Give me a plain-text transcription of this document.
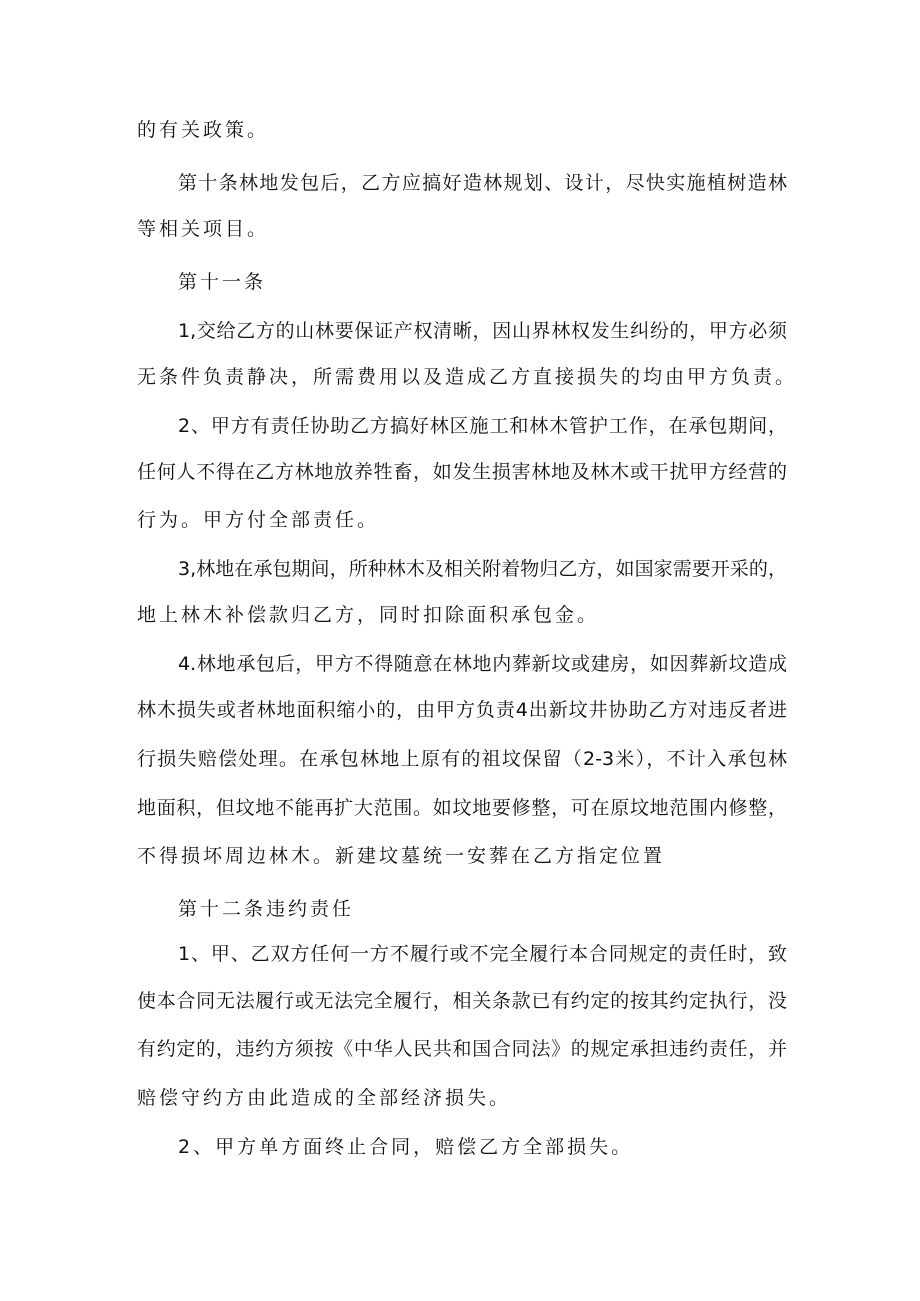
的有关政策。
第十条林地发包后，乙方应搞好造林规划、设计，尽快实施植树造林
等相关项目。
第十一条
1,交给乙方的山林要保证产权清晰，因山界林权发生纠纷的，甲方必须
无条件负责静决，所需费用以及造成乙方直接损失的均由甲方负责。
2、甲方有责任协助乙方搞好林区施工和林木管护工作，在承包期间，
任何人不得在乙方林地放养牲畜，如发生损害林地及林木或干扰甲方经营的
行为。甲方付全部责任。
3,林地在承包期间，所种林木及相关附着物归乙方，如国家需要开采的，
地上林木补偿款归乙方，同时扣除面积承包金。
4.林地承包后，甲方不得随意在林地内葬新坟或建房，如因葬新坟造成
林木损失或者林地面积缩小的，由甲方负责4出新坟井协助乙方对违反者进
行损失赔偿处理。在承包林地上原有的祖坟保留（2-3米），不计入承包林
地面积，但坟地不能再扩大范围。如坟地要修整，可在原坟地范围内修整，
不得损坏周边林木。新建坟墓统一安葬在乙方指定位置
第十二条违约责任
1、甲、乙双方任何一方不履行或不完全履行本合同规定的责任时，致
使本合同无法履行或无法完全履行，相关条款已有约定的按其约定执行，没
有约定的，违约方须按《中华人民共和国合同法》的规定承担违约责任，并
赔偿守约方由此造成的全部经济损失。
2、甲方单方面终止合同，赔偿乙方全部损失。
